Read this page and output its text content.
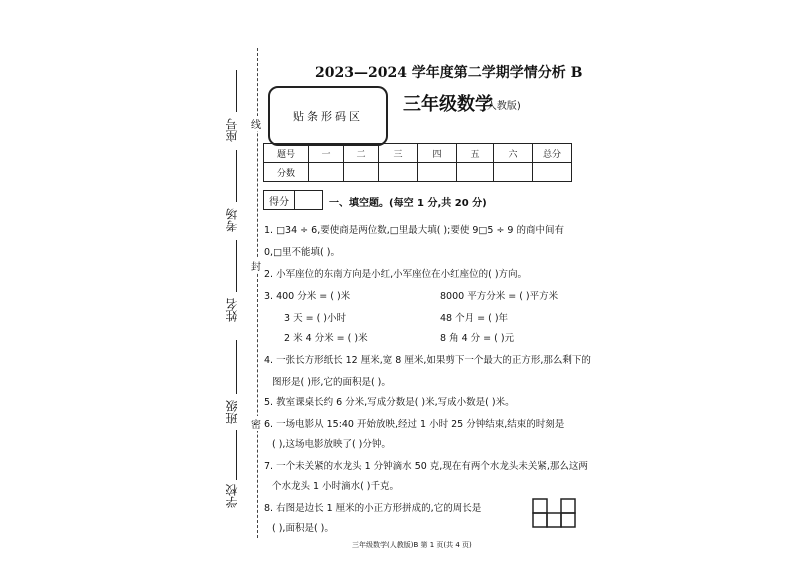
座号
考场
姓名
班级
学校
线
封
密
2023—2024 学年度第二学期学情分析 B
贴条形码区
三年级数学
(人教版)
题号	一	二	三	四	五	六	总分
分数							
得分	一、填空题。(每空 1 分,共 20 分)
1. □34 ÷ 6,要使商是两位数,□里最大填( );要使 9□5 ÷ 9 的商中间有
0,□里不能填( )。
2. 小军座位的东南方向是小红,小军座位在小红座位的( )方向。
3. 400 分米 = ( )米	8000 平方分米 = ( )平方米
3 天 = ( )小时	48 个月 = ( )年
2 米 4 分米 = ( )米	8 角 4 分 = ( )元
4. 一张长方形纸长 12 厘米,宽 8 厘米,如果剪下一个最大的正方形,那么剩下的
图形是( )形,它的面积是( )。
5. 教室课桌长约 6 分米,写成分数是( )米,写成小数是( )米。
6. 一场电影从 15:40 开始放映,经过 1 小时 25 分钟结束,结束的时刻是
( ),这场电影放映了( )分钟。
7. 一个未关紧的水龙头 1 分钟滴水 50 克,现在有两个水龙头未关紧,那么这两
个水龙头 1 小时滴水( )千克。
8. 右图是边长 1 厘米的小正方形拼成的,它的周长是
( ),面积是( )。
三年级数学(人教版)B 第 1 页(共 4 页)
